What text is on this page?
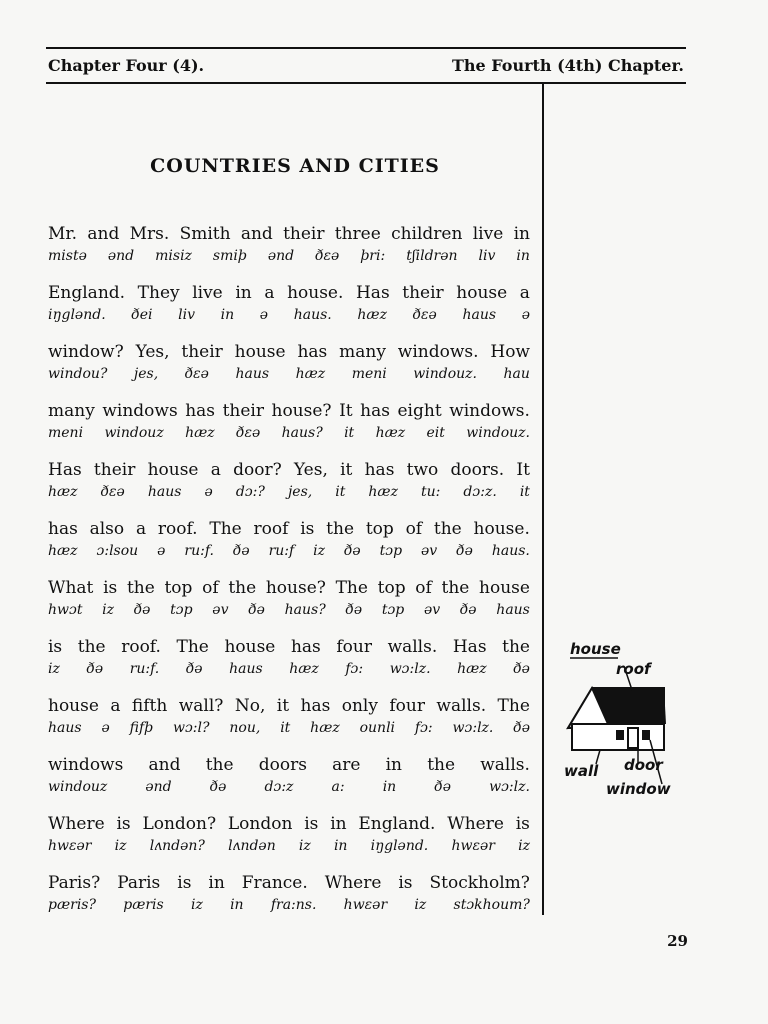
Chapter Four (4).	The Fourth (4th) Chapter.
COUNTRIES AND CITIES
Mr. and Mrs. Smith and their three children live in
mistə ənd misiz smiþ ənd ðɛə þri: tʃildrən liv in
England. They live in a house. Has their house a
iŋglənd. ðei liv in ə haus. hæz ðɛə haus ə
window? Yes, their house has many windows. How
windou? jes, ðɛə haus hæz meni windouz. hau
many windows has their house? It has eight windows.
meni windouz hæz ðɛə haus? it hæz eit windouz.
Has their house a door? Yes, it has two doors. It
hæz ðɛə haus ə dɔ:? jes, it hæz tu: dɔ:z. it
has also a roof. The roof is the top of the house.
hæz ɔ:lsou ə ru:f. ðə ru:f iz ðə tɔp əv ðə haus.
What is the top of the house? The top of the house
hwɔt iz ðə tɔp əv ðə haus? ðə tɔp əv ðə haus
is the roof. The house has four walls. Has the
iz ðə ru:f. ðə haus hæz fɔ: wɔ:lz. hæz ðə
house a fifth wall? No, it has only four walls. The
haus ə fifþ wɔ:l? nou, it hæz ounli fɔ: wɔ:lz. ðə
windows and the doors are in the walls.
windouz	ənd	ðə	dɔ:z	a:	in	ðə	wɔ:lz.
Where is London? London is in England. Where is
hwɛər iz lʌndən? lʌndən iz in iŋglənd. hwɛər iz
Paris? Paris is in France. Where is Stockholm?
pæris? pæris iz in fra:ns. hwɛər iz stɔkhoum?
house
roof
wall door
window
29
